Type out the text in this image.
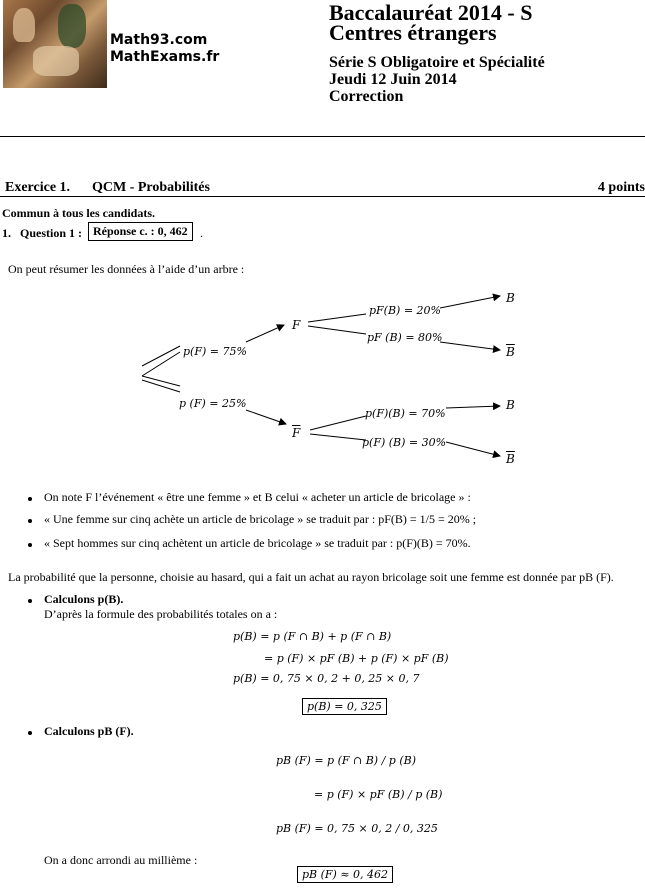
Math93.com
MathExams.fr
Baccalauréat 2014 - S
Centres étrangers
Série S Obligatoire et Spécialité
Jeudi 12 Juin 2014
Correction
Exercice 1. QCM - Probabilités	4 points
Commun à tous les candidats.
1. Question 1 : Réponse c. : 0, 462	.
On peut résumer les données à l’aide d’un arbre :
p(F) = 75%
p (F) = 25%
F
$\overline{F}$
pF(B) = 20%
pF (B) = 80%
p(F)(B) = 70%
p(F) (B) = 30%
B
$\overline{B}$
B
$\overline{B}$
On note F l’événement « être une femme » et B celui « acheter un article de bricolage » :
« Une femme sur cinq achète un article de bricolage » se traduit par : pF(B) = 1/5 = 20% ;
« Sept hommes sur cinq achètent un article de bricolage » se traduit par : p(F)(B) = 70%.
La probabilité que la personne, choisie au hasard, qui a fait un achat au rayon bricolage soit une femme est donnée par pB (F).
Calculons p(B).
D’après la formule des probabilités totales on a :
p(B) = p (F ∩ B) + p (F ∩ B)
= p (F) × pF (B) + p (F) × pF (B)
p(B) = 0, 75 × 0, 2 + 0, 25 × 0, 7
p(B) = 0, 325
Calculons pB (F).
pB (F) = p (F ∩ B) / p (B)
= p (F) × pF (B) / p (B)
pB (F) = 0, 75 × 0, 2 / 0, 325
On a donc arrondi au millième :
pB (F) ≈ 0, 462
